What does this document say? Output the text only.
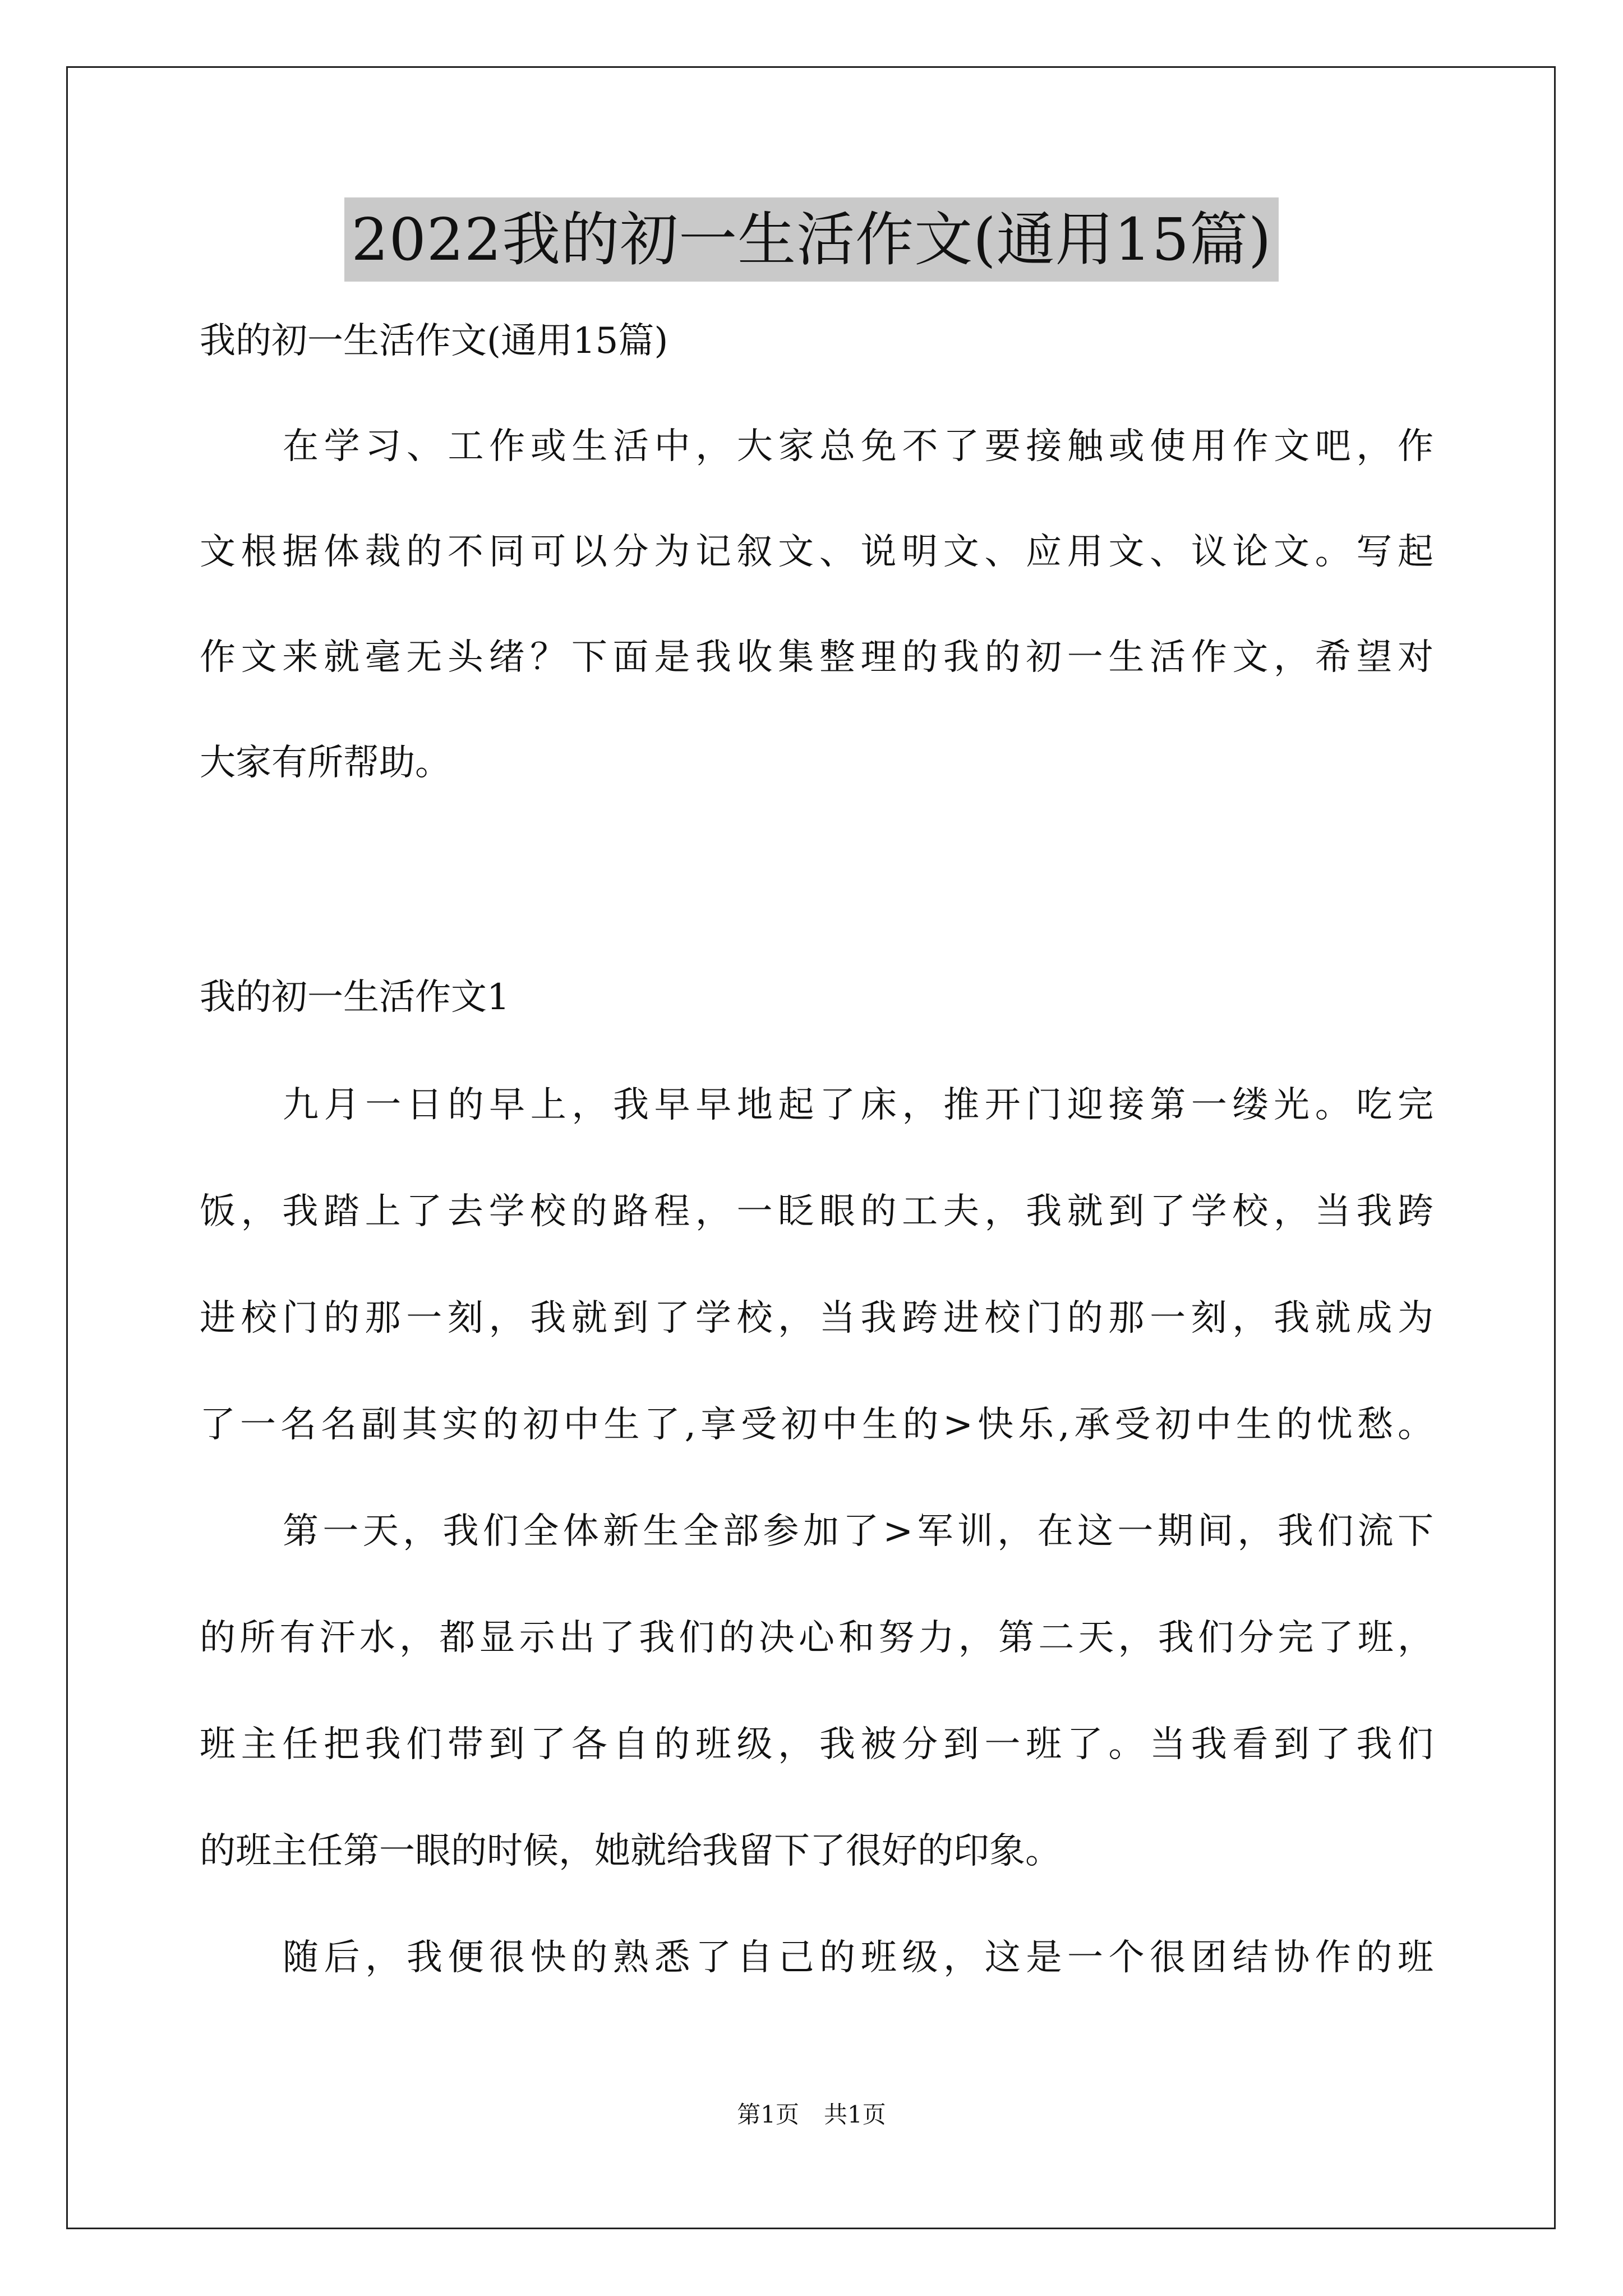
2022我的初一生活作文(通用15篇)
我的初一生活作文(通用15篇)
在学习、工作或生活中，大家总免不了要接触或使用作文吧，作
文根据体裁的不同可以分为记叙文、说明文、应用文、议论文。写起
作文来就毫无头绪？下面是我收集整理的我的初一生活作文，希望对
大家有所帮助。
我的初一生活作文1
九月一日的早上，我早早地起了床，推开门迎接第一缕光。吃完
饭，我踏上了去学校的路程，一眨眼的工夫，我就到了学校，当我跨
进校门的那一刻，我就到了学校，当我跨进校门的那一刻，我就成为
了一名名副其实的初中生了,享受初中生的>快乐,承受初中生的忧愁。
第一天，我们全体新生全部参加了>军训，在这一期间，我们流下
的所有汗水，都显示出了我们的决心和努力，第二天，我们分完了班，
班主任把我们带到了各自的班级，我被分到一班了。当我看到了我们
的班主任第一眼的时候，她就给我留下了很好的印象。
随后，我便很快的熟悉了自己的班级，这是一个很团结协作的班
第1页 共1页
